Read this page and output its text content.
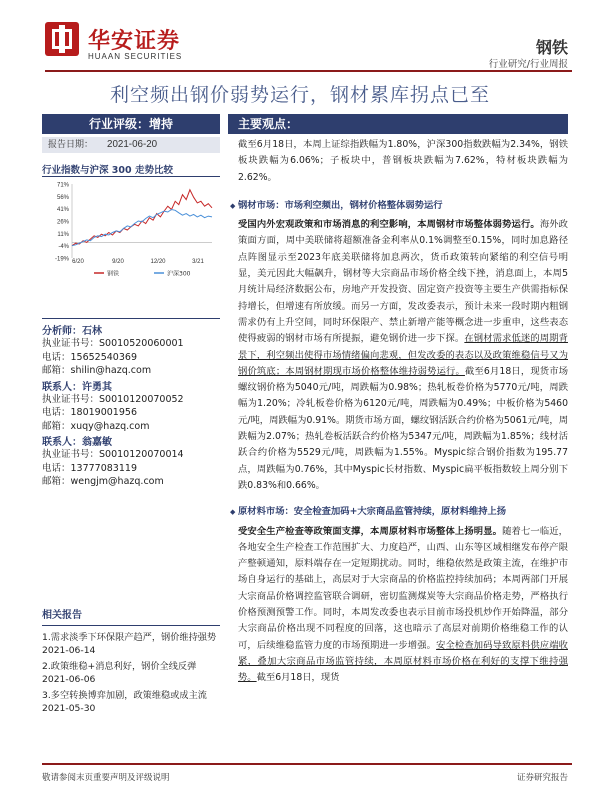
华安证券
HUAAN SECURITIES	钢铁
行业研究/行业周报
利空频出钢价弱势运行，钢材累库拐点已至
行业评级：增持
报告日期： 2021-06-20
行业指数与沪深 300 走势比较
71%
56%
41%
26%
11%
-4%
-19% 6/20	9/20	12/20	3/21
钢铁	沪深300
分析师：石林
执业证书号：S0010520060001
电话：15652540369
邮箱：shilin@hazq.com
联系人：许勇其
执业证书号：S0010120070052
电话：18019001956
邮箱：xuqy@hazq.com
联系人：翁嘉敏
执业证书号：S0010120070014
电话：13777083119
邮箱：wengjm@hazq.com
相关报告
1.需求淡季下环保限产趋严，钢价维持强势 2021-06-14
2.政策维稳+消息利好，钢价全线反弹 2021-06-06
3.多空转换博弈加剧，政策维稳或成主流 2021-05-30
主要观点：
截至6月18日，本周上证综指跌幅为1.80%，沪深300指数跌幅为2.34%，钢铁板块跌幅为6.06%；子板块中，普钢板块跌幅为7.62%，特材板块跌幅为2.62%。
◆ 钢材市场：市场利空频出，钢材价格整体弱势运行
受国内外宏观政策和市场消息的利空影响，本周钢材市场整体弱势运行。海外政策面方面，周中美联储将超额准备金利率从0.1%调整至0.15%，同时加息路径点阵图显示至2023年底美联储将加息两次，货币政策转向紧缩的利空信号明显，美元因此大幅飙升，钢材等大宗商品市场价格全线下挫，消息面上，本周5月统计局经济数据公布，房地产开发投资、固定资产投资等主要生产供需指标保持增长，但增速有所放缓。而另一方面，发改委表示，预计未来一段时期内粗钢需求仍有上升空间，同时环保限产、禁止新增产能等概念进一步重申，这些表态使得疲弱的钢材市场有所提振，避免钢价进一步下探。在钢材需求低迷的周期背景下，利空频出使得市场情绪偏向悲观，但发改委的表态以及政策维稳信号又为钢价筑底；本周钢材期现市场价格整体维持弱势运行。截至6月18日，现货市场螺纹钢价格为5040元/吨，周跌幅为0.98%；热轧板卷价格为5770元/吨，周跌幅为1.20%；冷轧板卷价格为6120元/吨，周跌幅为0.49%；中板价格为5460元/吨，周跌幅为0.91%。期货市场方面，螺纹钢活跃合约价格为5061元/吨，周跌幅为2.07%；热轧卷板活跃合约价格为5347元/吨，周跌幅为1.85%；线材活跃合约价格为5529元/吨，周跌幅为1.55%。Myspic综合钢价指数为195.77点，周跌幅为0.76%，其中Myspic长材指数、Myspic扁平板指数较上周分别下跌0.83%和0.66%。
◆ 原材料市场：安全检查加码+大宗商品监管持续，原材料维持上扬
受安全生产检查等政策面支撑，本周原材料市场整体上扬明显。随着七一临近，各地安全生产检查工作范围扩大、力度趋严，山西、山东等区域相继发布停产限产整顿通知，原料端存在一定短期扰动。同时，维稳依然是政策主流，在维护市场自身运行的基础上，高层对于大宗商品的价格监控持续加码；本周两部门开展大宗商品价格调控监管联合调研，密切监测煤炭等大宗商品价格走势，严格执行价格预测预警工作。同时，本周发改委也表示目前市场投机炒作开始降温，部分大宗商品价格出现不同程度的回落，这也暗示了高层对前期价格维稳工作的认可，后续维稳监管力度的市场预期进一步增强。安全检查加码导致原料供应端收紧，叠加大宗商品市场监管持续，本周原材料市场价格在利好的支撑下维持强势。截至6月18日，现货
敬请参阅末页重要声明及评级说明	证券研究报告
